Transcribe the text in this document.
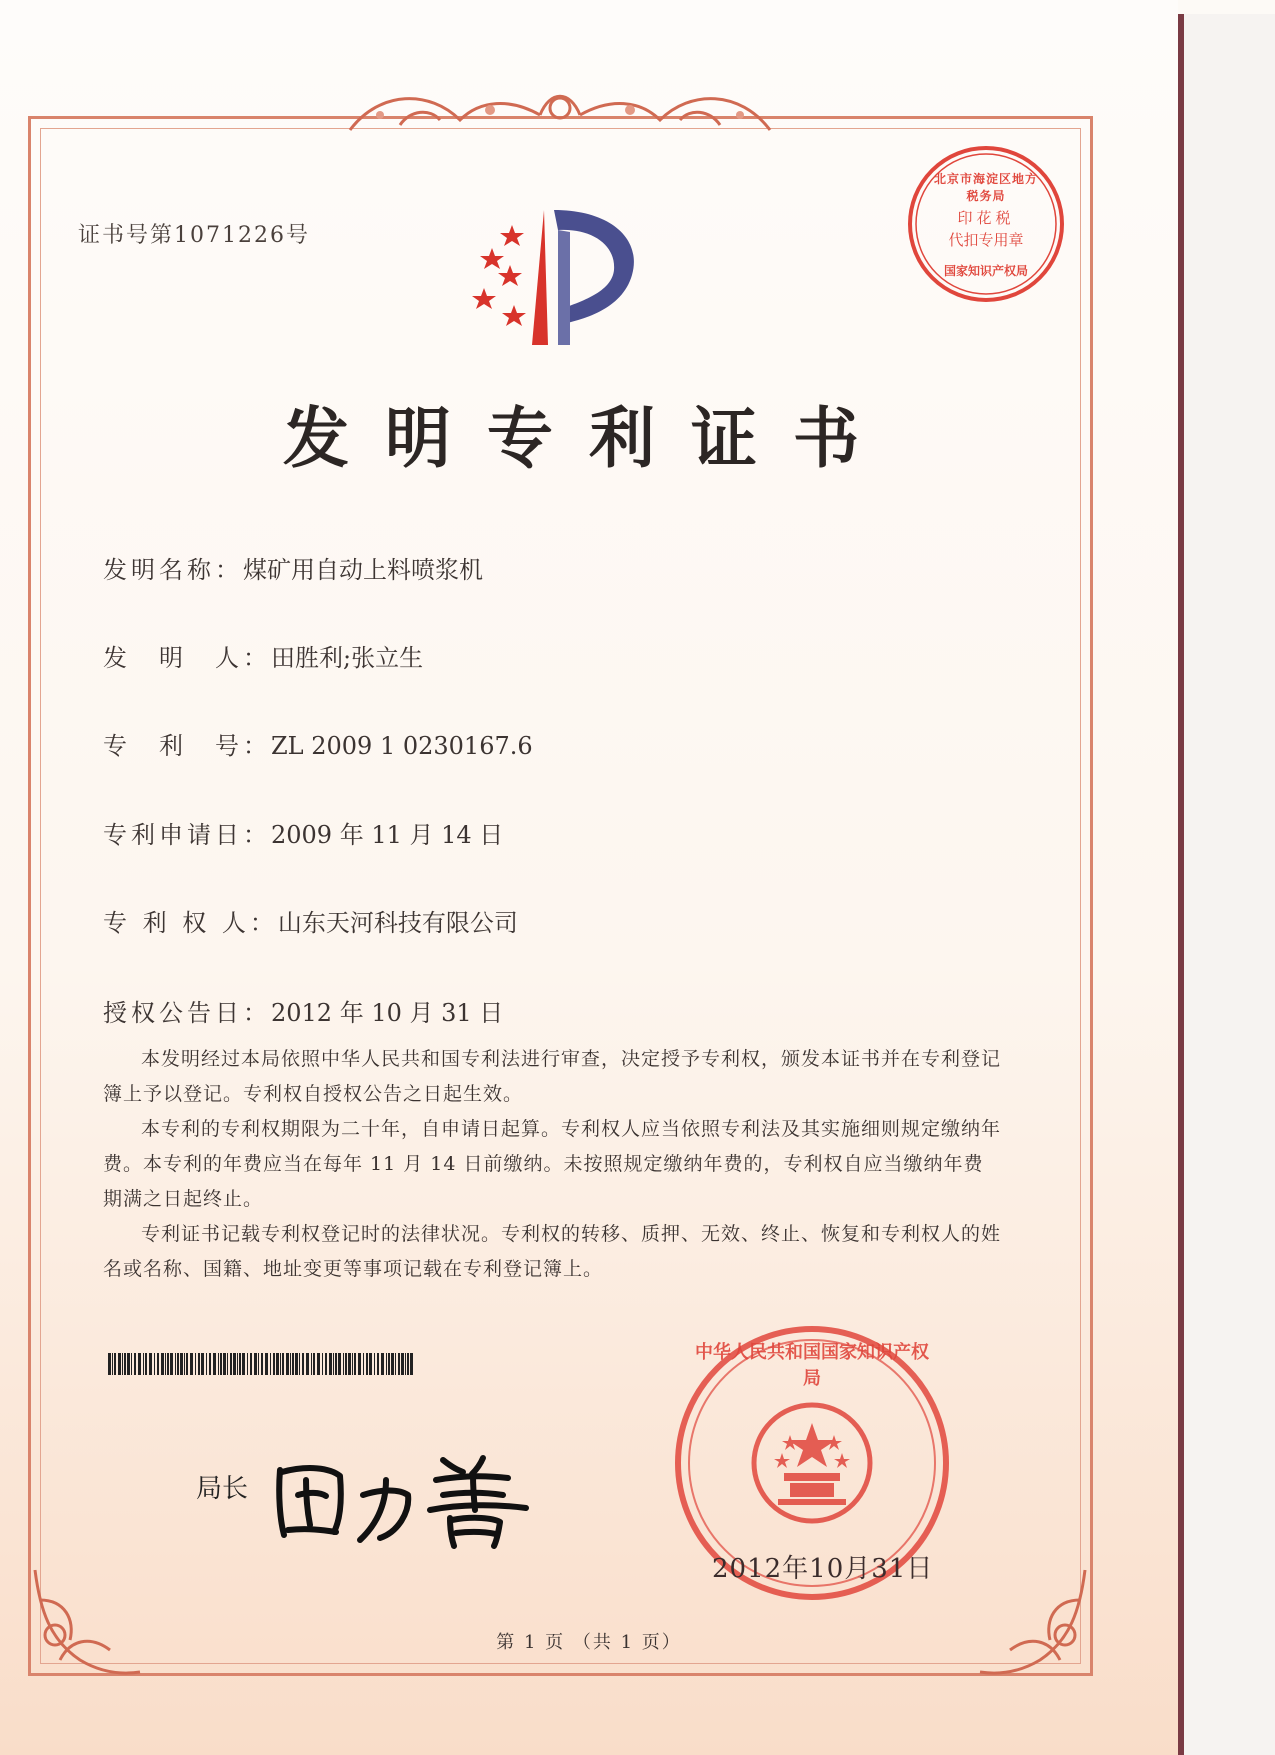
证书号第1071226号
北京市海淀区地方税务局
印花税
代扣专用章
国家知识产权局
发明专利证书
发明名称：煤矿用自动上料喷浆机
发　明　人：田胜利;张立生
专　利　号：ZL 2009 1 0230167.6
专利申请日：2009 年 11 月 14 日
专 利 权 人：山东天河科技有限公司
授权公告日：2012 年 10 月 31 日

本发明经过本局依照中华人民共和国专利法进行审查，决定授予专利权，颁发本证书并在专利登记簿上予以登记。专利权自授权公告之日起生效。

本专利的专利权期限为二十年，自申请日起算。专利权人应当依照专利法及其实施细则规定缴纳年费。本专利的年费应当在每年 11 月 14 日前缴纳。未按照规定缴纳年费的，专利权自应当缴纳年费期满之日起终止。

专利证书记载专利权登记时的法律状况。专利权的转移、质押、无效、终止、恢复和专利权人的姓名或名称、国籍、地址变更等事项记载在专利登记簿上。

局长
中华人民共和国国家知识产权局
2012年10月31日
第 1 页 （共 1 页）
